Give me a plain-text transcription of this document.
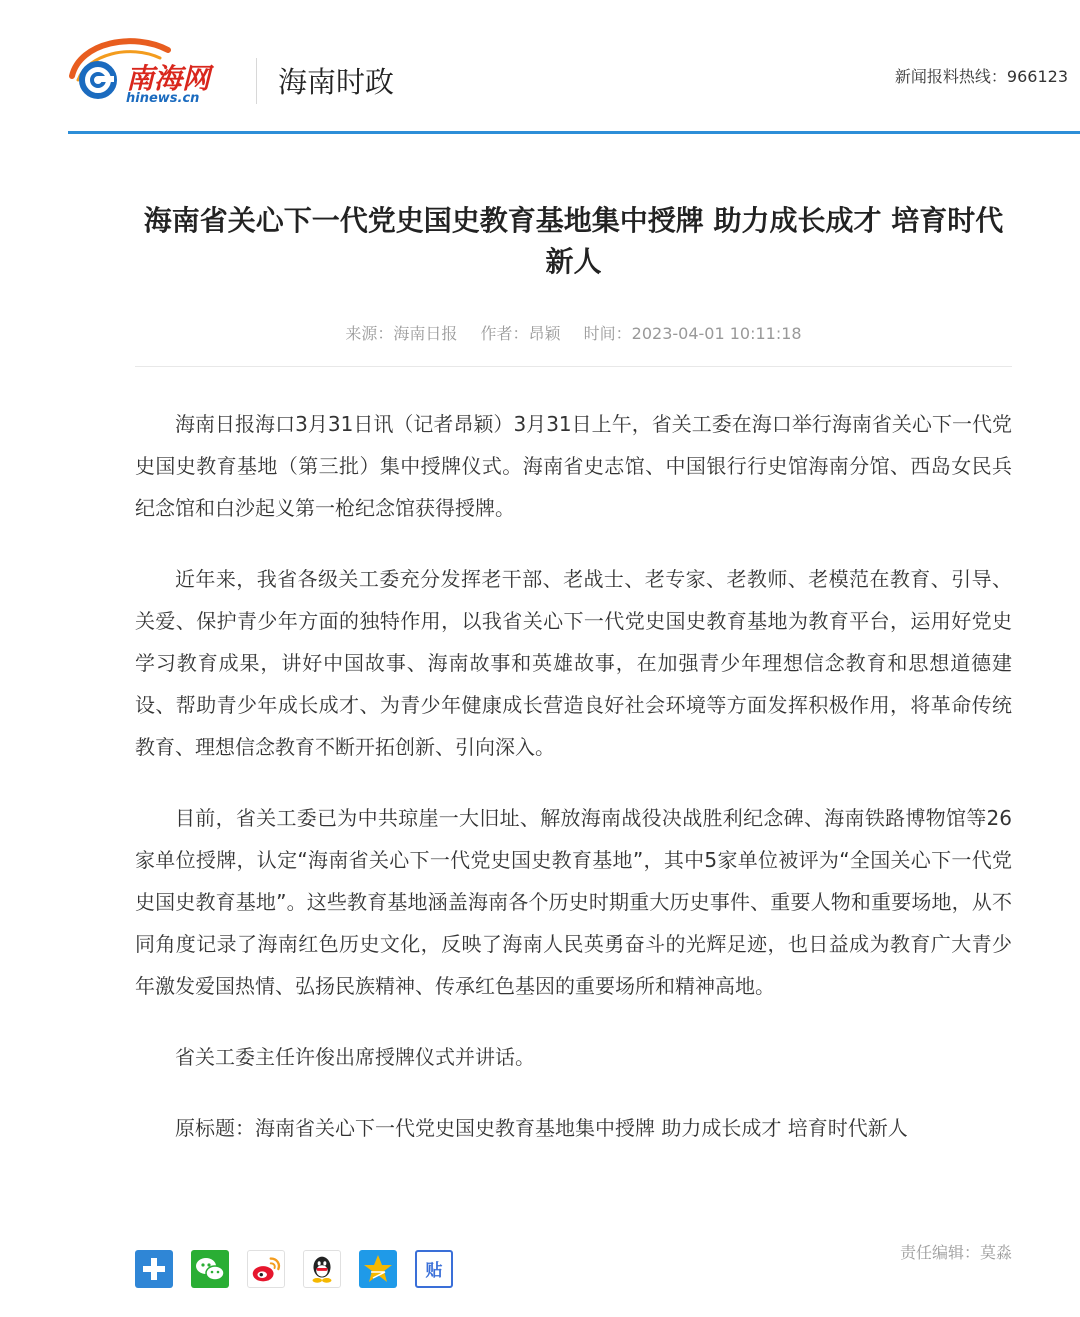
南海网
hinews.cn	海南时政	新闻报料热线：966123
海南省关心下一代党史国史教育基地集中授牌 助力成长成才 培育时代新人
来源：海南日报 作者：昂颖 时间：2023-04-01 10:11:18

海南日报海口3月31日讯（记者昂颖）3月31日上午，省关工委在海口举行海南省关心下一代党史国史教育基地（第三批）集中授牌仪式。海南省史志馆、中国银行行史馆海南分馆、西岛女民兵纪念馆和白沙起义第一枪纪念馆获得授牌。

近年来，我省各级关工委充分发挥老干部、老战士、老专家、老教师、老模范在教育、引导、关爱、保护青少年方面的独特作用，以我省关心下一代党史国史教育基地为教育平台，运用好党史学习教育成果，讲好中国故事、海南故事和英雄故事，在加强青少年理想信念教育和思想道德建设、帮助青少年成长成才、为青少年健康成长营造良好社会环境等方面发挥积极作用，将革命传统教育、理想信念教育不断开拓创新、引向深入。

目前，省关工委已为中共琼崖一大旧址、解放海南战役决战胜利纪念碑、海南铁路博物馆等26家单位授牌，认定“海南省关心下一代党史国史教育基地”，其中5家单位被评为“全国关心下一代党史国史教育基地”。这些教育基地涵盖海南各个历史时期重大历史事件、重要人物和重要场地，从不同角度记录了海南红色历史文化，反映了海南人民英勇奋斗的光辉足迹，也日益成为教育广大青少年激发爱国热情、弘扬民族精神、传承红色基因的重要场所和精神高地。

省关工委主任许俊出席授牌仪式并讲话。

原标题：海南省关心下一代党史国史教育基地集中授牌 助力成长成才 培育时代新人

责任编辑：莫淼
贴
